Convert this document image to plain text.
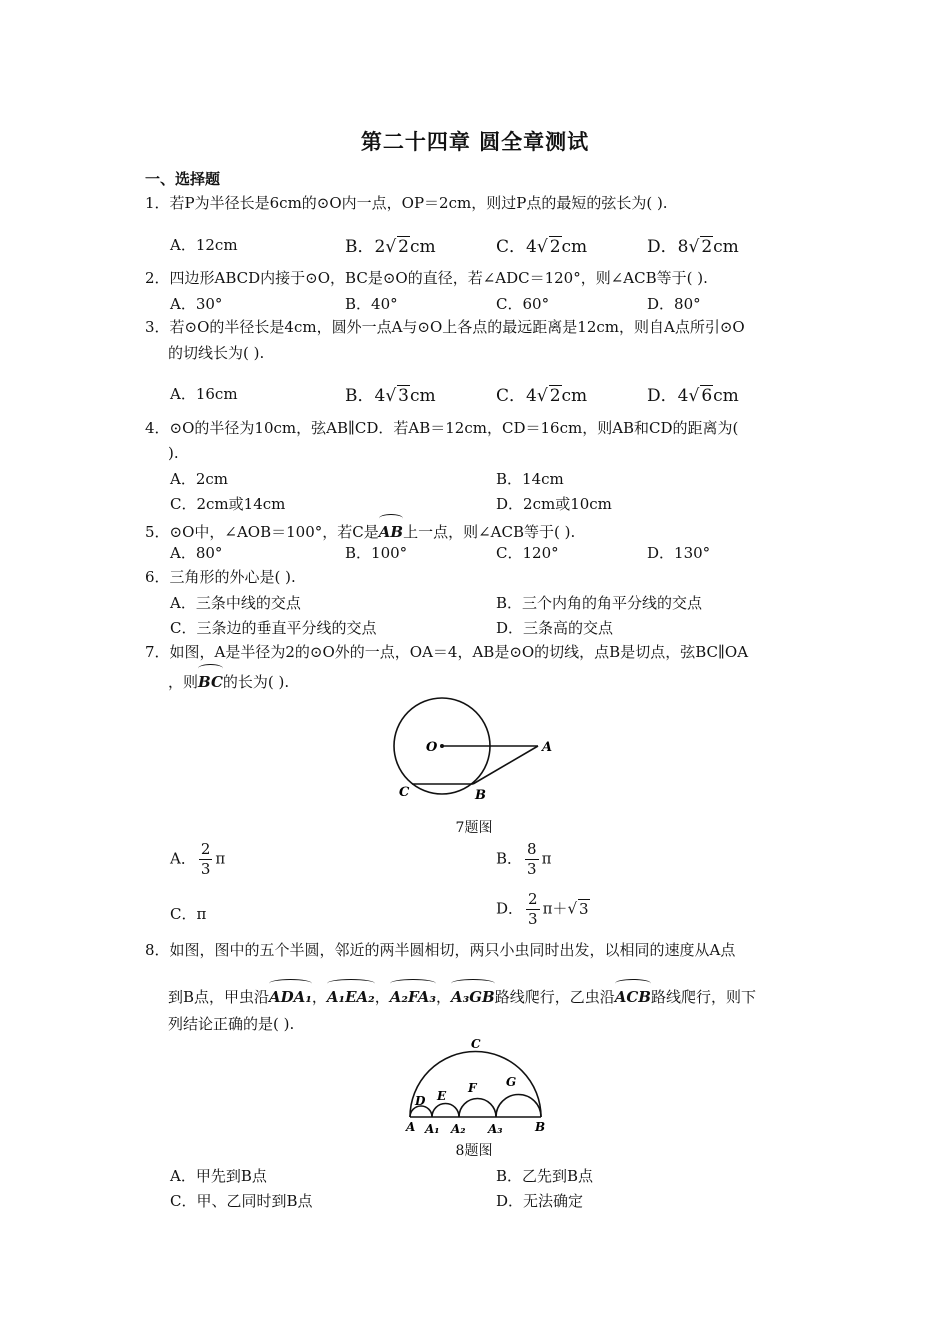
第二十四章 圆全章测试
一、选择题
1．若P为半径长是6cm的⊙O内一点，OP＝2cm，则过P点的最短的弦长为( ).
A．12cm	B．2√ 2cm	C．4√ 2cm	D．8√ 2cm
2．四边形ABCD内接于⊙O，BC是⊙O的直径，若∠ADC＝120°，则∠ACB等于( ).
A．30°	B．40°	C．60°	D．80°
3．若⊙O的半径长是4cm，圆外一点A与⊙O上各点的最远距离是12cm，则自A点所引⊙O
的切线长为( ).
A．16cm	B．4√ 3cm	C．4√ 2cm	D．4√ 6cm
4．⊙O的半径为10cm，弦AB∥CD．若AB＝12cm，CD＝16cm，则AB和CD的距离为(
).
A．2cm	B．14cm
C．2cm或14cm	D．2cm或10cm
5．⊙O中，∠AOB＝100°，若C是AB上一点，则∠ACB等于( ).
A．80°	B．100°	C．120°	D．130°
6．三角形的外心是( ).
A．三条中线的交点	B．三个内角的角平分线的交点
C．三条边的垂直平分线的交点	D．三条高的交点
7．如图，A是半径为2的⊙O外的一点，OA＝4，AB是⊙O的切线，点B是切点，弦BC∥OA
，则BC的长为( ).
O	A
B
C
7题图
A． $\frac{2}{3}$ π	B． $\frac{8}{3}$ π
C．π	D． $\frac{2}{3} \pi+√$ 3
8．如图，图中的五个半圆，邻近的两半圆相切，两只小虫同时出发，以相同的速度从A点
到B点，甲虫沿ADA₁，A₁EA₂，A₂FA₃，A₃GB路线爬行，乙虫沿ACB路线爬行，则下
列结论正确的是( ).
C
D E
F G
A A₁ A₂ A₃	B
8题图
A．甲先到B点	B．乙先到B点
C．甲、乙同时到B点	D．无法确定
